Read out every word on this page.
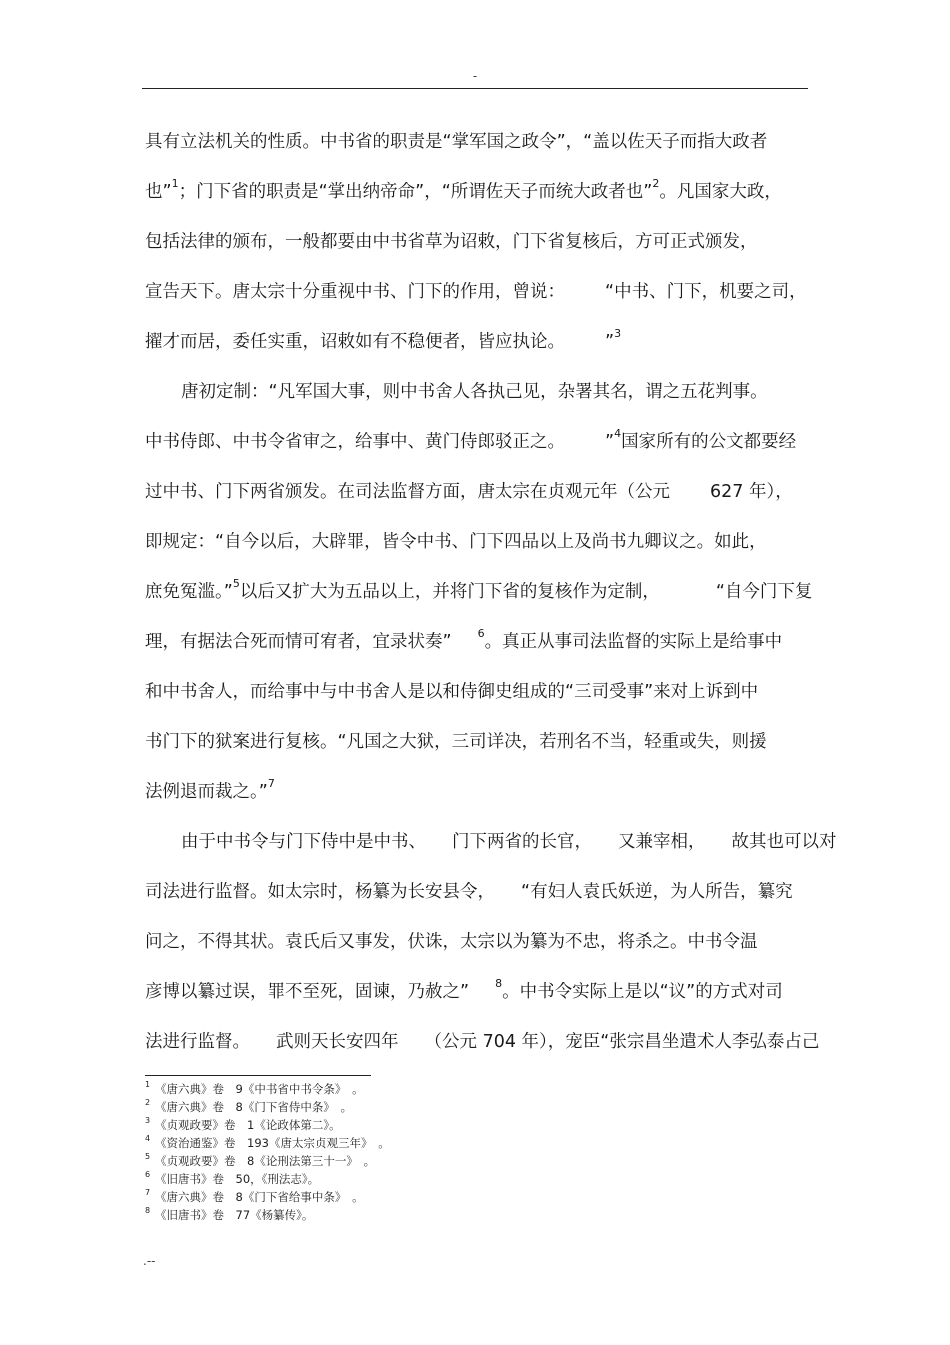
-
具有立法机关的性质。中书省的职责是“掌军国之政令”，“盖以佐天子而指大政者
也”$^1$；门下省的职责是“掌出纳帝命”，“所谓佐天子而统大政者也”$^2$。凡国家大政，
包括法律的颁布，一般都要由中书省草为诏敕，门下省复核后，方可正式颁发，
宣告天下。唐太宗十分重视中书、门下的作用，曾说： “中书、门下，机要之司，
擢才而居，委任实重，诏敕如有不稳便者，皆应执论。 ”$^3$
唐初定制：“凡军国大事，则中书舍人各执己见，杂署其名，谓之五花判事。
中书侍郎、中书令省审之，给事中、黄门侍郎驳正之。 ”$^4$国家所有的公文都要经
过中书、门下两省颁发。在司法监督方面，唐太宗在贞观元年（公元 627 年），
即规定：“自今以后，大辟罪，皆令中书、门下四品以上及尚书九卿议之。如此，
庶免冤滥。”$^5$以后又扩大为五品以上，并将门下省的复核作为定制，	“自今门下复
理，有据法合死而情可宥者，宜录状奏” $^6$。真正从事司法监督的实际上是给事中
和中书舍人，而给事中与中书舍人是以和侍御史组成的“三司受事”来对上诉到中
书门下的狱案进行复核。“凡国之大狱，三司详决，若刑名不当，轻重或失，则援
法例退而裁之。”$^7$
由于中书令与门下侍中是中书、 门下两省的长官， 又兼宰相， 故其也可以对
司法进行监督。如太宗时，杨纂为长安县令， “有妇人袁氏妖逆，为人所告，纂究
问之，不得其状。袁氏后又事发，伏诛，太宗以为纂为不忠，将杀之。中书令温
彦博以纂过误，罪不至死，固谏，乃赦之” $^8$。中书令实际上是以“议”的方式对司
法进行监督。 武则天长安四年 （公元 704 年），宠臣“张宗昌坐遣术人李弘泰占己
1 《唐六典》卷　9《中书省中书令条》　。
2 《唐六典》卷　8《门下省侍中条》　。
3 《贞观政要》卷　1《论政体第二》。
4 《资治通鉴》卷　193《唐太宗贞观三年》　。
5 《贞观政要》卷　8《论刑法第三十一》　。
6 《旧唐书》卷　50，《刑法志》。
7 《唐六典》卷　8《门下省给事中条》　。
8 《旧唐书》卷　77《杨纂传》。
.--
